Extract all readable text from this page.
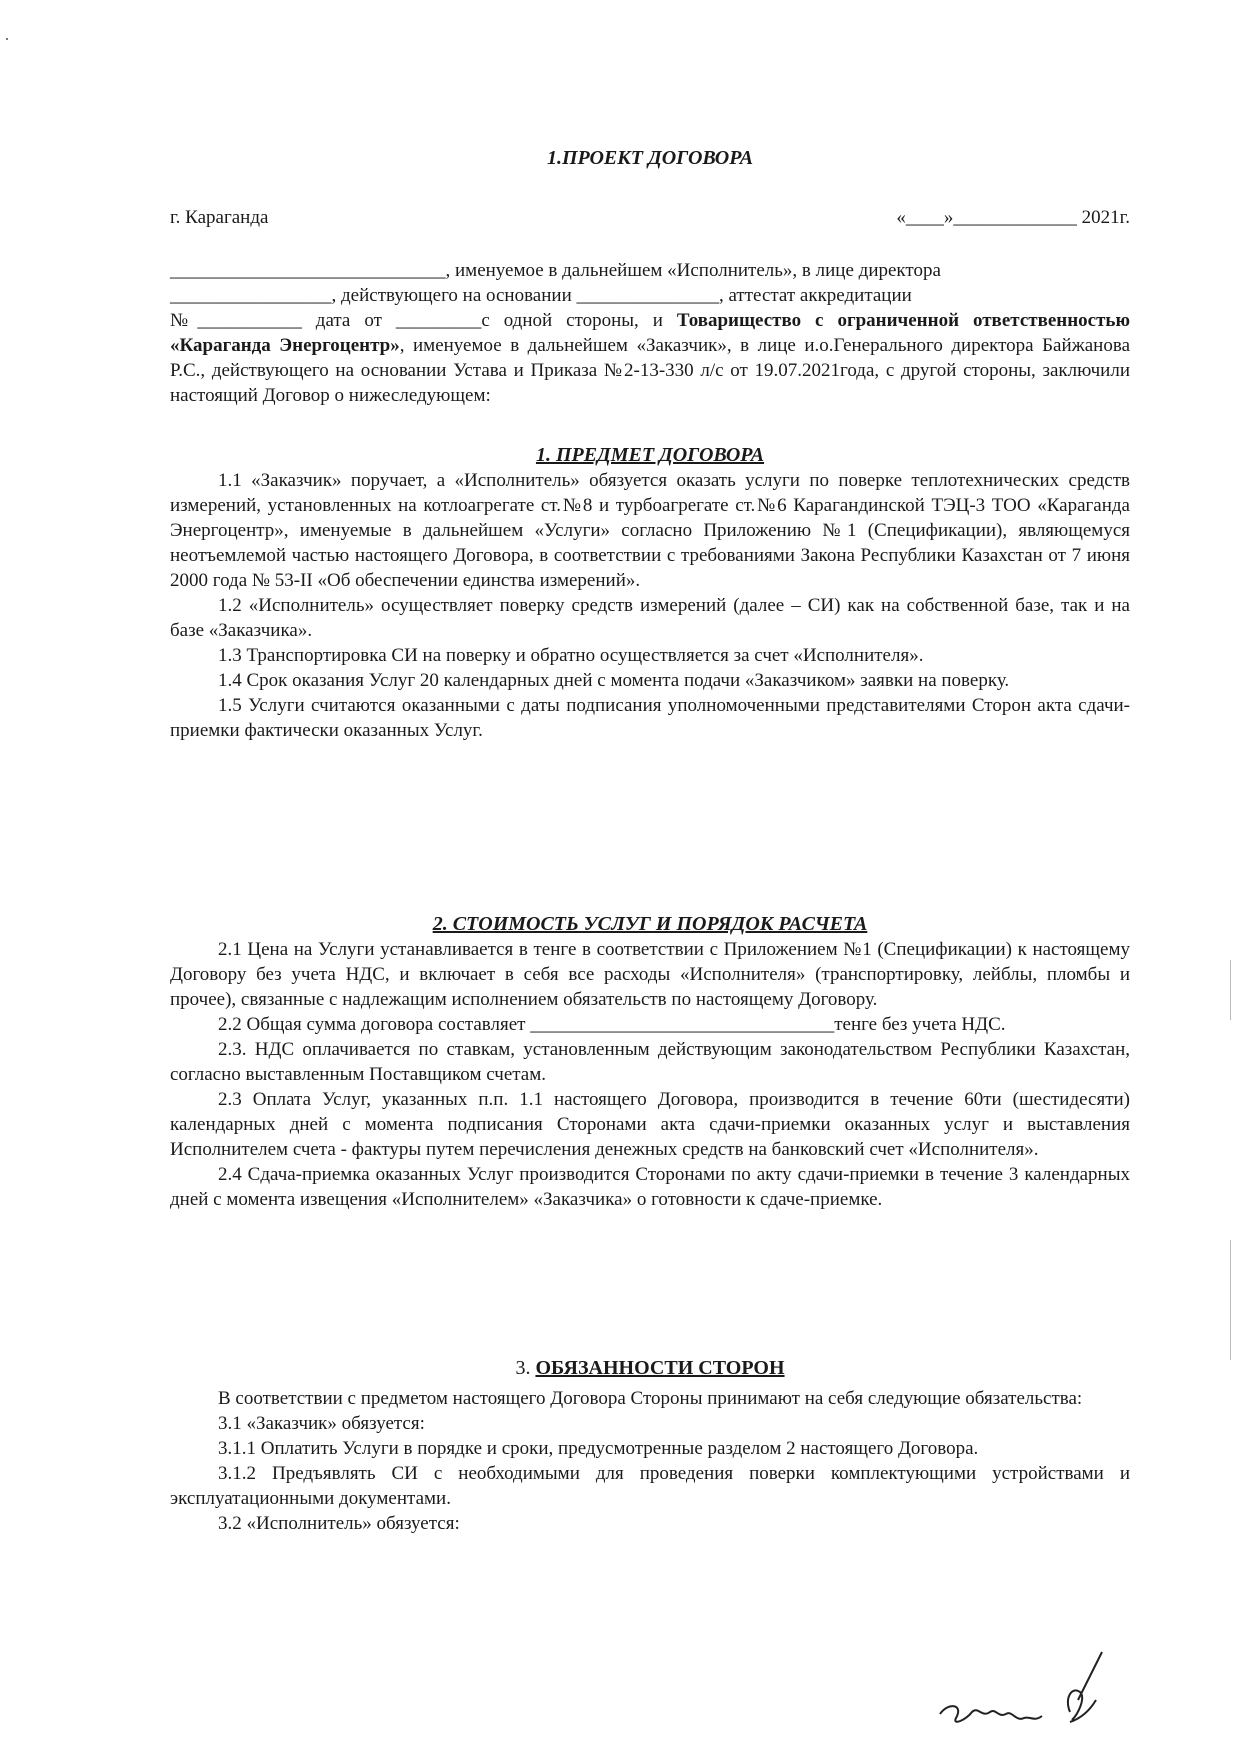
1.ПРОЕКТ ДОГОВОРА
г. Караганда	«____»_____________ 2021г.

_____________________________, именуемое в дальнейшем «Исполнитель», в лице директора

_________________, действующего на основании _______________, аттестат аккредитации

№___________ дата от _________с одной стороны, и Товарищество с ограниченной ответственностью «Караганда Энергоцентр», именуемое в дальнейшем «Заказчик», в лице и.о.Генерального директора Байжанова Р.С., действующего на основании Устава и Приказа №2-13-330 л/с от 19.07.2021года, с другой стороны, заключили настоящий Договор о нижеследующем:

1. ПРЕДМЕТ ДОГОВОРА

1.1 «Заказчик» поручает, а «Исполнитель» обязуется оказать услуги по поверке теплотехнических средств измерений, установленных на котлоагрегате ст.№8 и турбоагрегате ст.№6 Карагандинской ТЭЦ-3 ТОО «Караганда Энергоцентр», именуемые в дальнейшем «Услуги» согласно Приложению №1 (Спецификации), являющемуся неотъемлемой частью настоящего Договора, в соответствии с требованиями Закона Республики Казахстан от 7 июня 2000 года № 53-II «Об обеспечении единства измерений».

1.2 «Исполнитель» осуществляет поверку средств измерений (далее – СИ) как на собственной базе, так и на базе «Заказчика».

1.3 Транспортировка СИ на поверку и обратно осуществляется за счет «Исполнителя».

1.4 Срок оказания Услуг 20 календарных дней с момента подачи «Заказчиком» заявки на поверку.

1.5 Услуги считаются оказанными с даты подписания уполномоченными представителями Сторон акта сдачи-приемки фактически оказанных Услуг.

2. СТОИМОСТЬ УСЛУГ И ПОРЯДОК РАСЧЕТА

2.1 Цена на Услуги устанавливается в тенге в соответствии с Приложением №1 (Спецификации) к настоящему Договору без учета НДС, и включает в себя все расходы «Исполнителя» (транспортировку, лейблы, пломбы и прочее), связанные с надлежащим исполнением обязательств по настоящему Договору.

2.2 Общая сумма договора составляет ________________________________тенге без учета НДС.

2.3. НДС оплачивается по ставкам, установленным действующим законодательством Республики Казахстан, согласно выставленным Поставщиком счетам.

2.3 Оплата Услуг, указанных п.п. 1.1 настоящего Договора, производится в течение 60ти (шестидесяти) календарных дней с момента подписания Сторонами акта сдачи-приемки оказанных услуг и выставления Исполнителем счета - фактуры путем перечисления денежных средств на банковский счет «Исполнителя».

2.4 Сдача-приемка оказанных Услуг производится Сторонами по акту сдачи-приемки в течение 3 календарных дней с момента извещения «Исполнителем» «Заказчика» о готовности к сдаче-приемке.

3. ОБЯЗАННОСТИ СТОРОН

В соответствии с предметом настоящего Договора Стороны принимают на себя следующие обязательства:

3.1 «Заказчик» обязуется:

3.1.1 Оплатить Услуги в порядке и сроки, предусмотренные разделом 2 настоящего Договора.

3.1.2 Предъявлять СИ с необходимыми для проведения поверки комплектующими устройствами и эксплуатационными документами.

3.2 «Исполнитель» обязуется:
